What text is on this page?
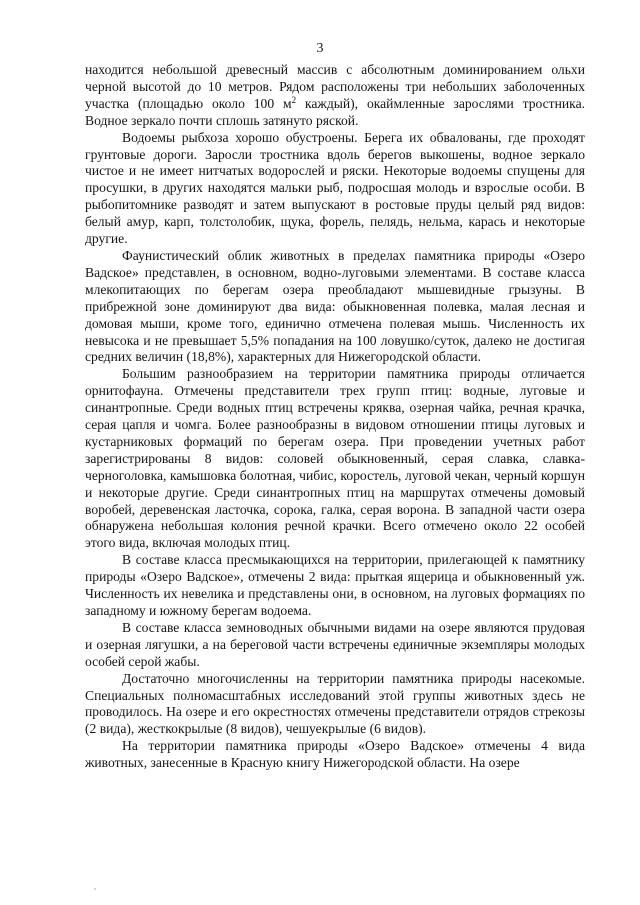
3

находится небольшой древесный массив с абсолютным доминированием ольхи черной высотой до 10 метров. Рядом расположены три небольших заболоченных участка (площадью около 100 $м^2$ каждый), окаймленные зарослями тростника. Водное зеркало почти сплошь затянуто ряской.

Водоемы рыбхоза хорошо обустроены. Берега их обвалованы, где проходят грунтовые дороги. Заросли тростника вдоль берегов выкошены, водное зеркало чистое и не имеет нитчатых водорослей и ряски. Некоторые водоемы спущены для просушки, в других находятся мальки рыб, подросшая молодь и взрослые особи. В рыбопитомнике разводят и затем выпускают в ростовые пруды целый ряд видов: белый амур, карп, толстолобик, щука, форель, пелядь, нельма, карась и некоторые другие.

Фаунистический облик животных в пределах памятника природы «Озеро Вадское» представлен, в основном, водно-луговыми элементами. В составе класса млекопитающих по берегам озера преобладают мышевидные грызуны. В прибрежной зоне доминируют два вида: обыкновенная полевка, малая лесная и домовая мыши, кроме того, единично отмечена полевая мышь. Численность их невысока и не превышает 5,5% попадания на 100 ловушко/суток, далеко не достигая средних величин (18,8%), характерных для Нижегородской области.

Большим разнообразием на территории памятника природы отличается орнитофауна. Отмечены представители трех групп птиц: водные, луговые и синантропные. Среди водных птиц встречены кряква, озерная чайка, речная крачка, серая цапля и чомга. Более разнообразны в видовом отношении птицы луговых и кустарниковых формаций по берегам озера. При проведении учетных работ зарегистрированы 8 видов: соловей обыкновенный, серая славка, славка-черноголовка, камышовка болотная, чибис, коростель, луговой чекан, черный коршун и некоторые другие. Среди синантропных птиц на маршрутах отмечены домовый воробей, деревенская ласточка, сорока, галка, серая ворона. В западной части озера обнаружена небольшая колония речной крачки. Всего отмечено около 22 особей этого вида, включая молодых птиц.

В составе класса пресмыкающихся на территории, прилегающей к памятнику природы «Озеро Вадское», отмечены 2 вида: прыткая ящерица и обыкновенный уж. Численность их невелика и представлены они, в основном, на луговых формациях по западному и южному берегам водоема.

В составе класса земноводных обычными видами на озере являются прудовая и озерная лягушки, а на береговой части встречены единичные экземпляры молодых особей серой жабы.

Достаточно многочисленны на территории памятника природы насекомые. Специальных полномасштабных исследований этой группы животных здесь не проводилось. На озере и его окрестностях отмечены представители отрядов стрекозы (2 вида), жесткокрылые (8 видов), чешуекрылые (6 видов).

На территории памятника природы «Озеро Вадское» отмечены 4 вида животных, занесенные в Красную книгу Нижегородской области. На озере
